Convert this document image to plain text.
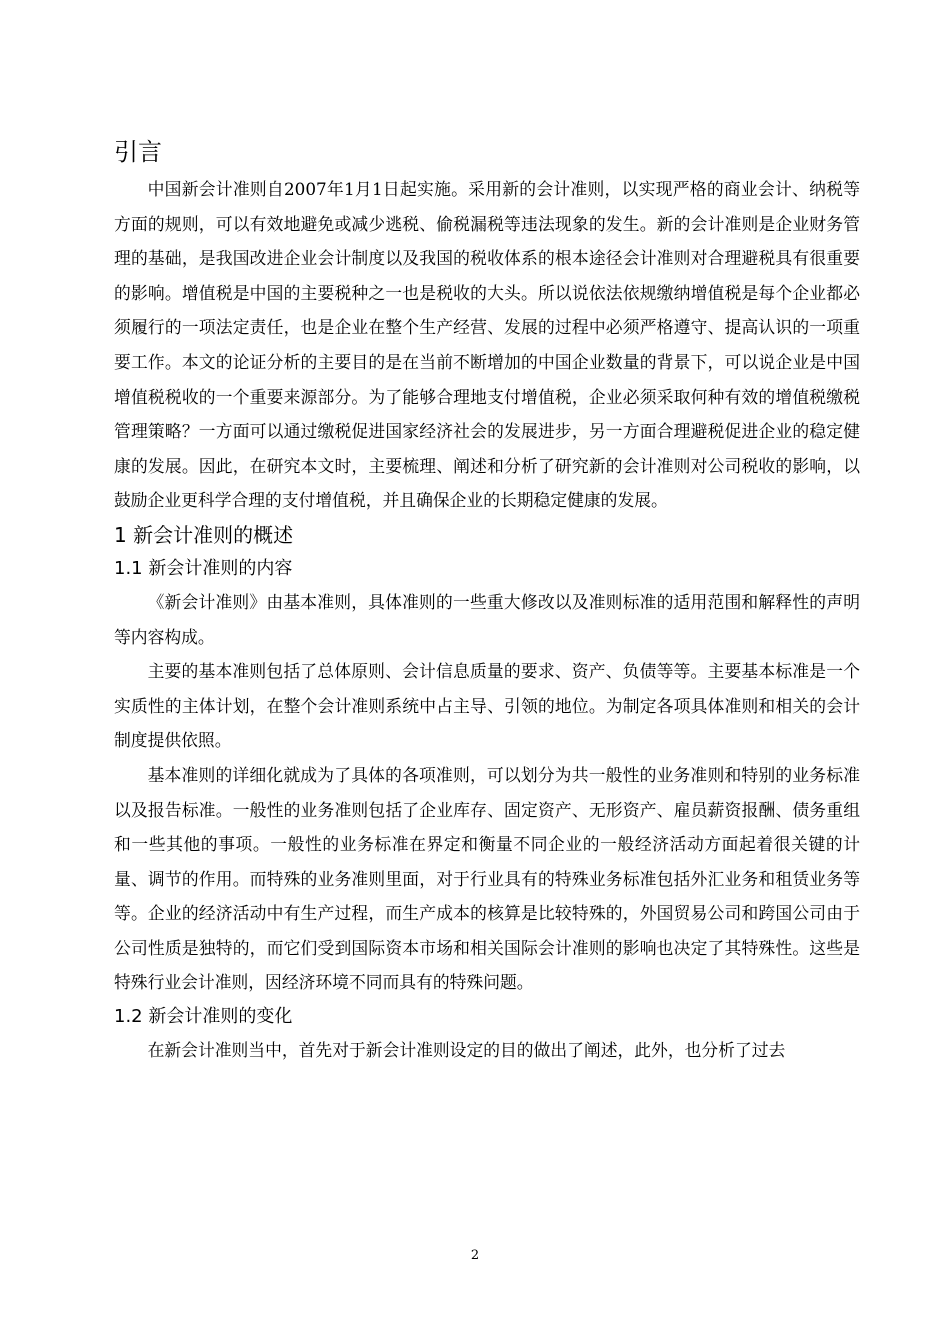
引言

中国新会计准则自2007年1月1日起实施。采用新的会计准则，以实现严格的商业会计、纳税等方面的规则，可以有效地避免或减少逃税、偷税漏税等违法现象的发生。新的会计准则是企业财务管理的基础，是我国改进企业会计制度以及我国的税收体系的根本途径会计准则对合理避税具有很重要的影响。增值税是中国的主要税种之一也是税收的大头。所以说依法依规缴纳增值税是每个企业都必须履行的一项法定责任，也是企业在整个生产经营、发展的过程中必须严格遵守、提高认识的一项重要工作。本文的论证分析的主要目的是在当前不断增加的中国企业数量的背景下，可以说企业是中国增值税税收的一个重要来源部分。为了能够合理地支付增值税，企业必须采取何种有效的增值税缴税管理策略？一方面可以通过缴税促进国家经济社会的发展进步，另一方面合理避税促进企业的稳定健康的发展。因此，在研究本文时，主要梳理、阐述和分析了研究新的会计准则对公司税收的影响，以鼓励企业更科学合理的支付增值税，并且确保企业的长期稳定健康的发展。

1 新会计准则的概述
1.1 新会计准则的内容

《新会计准则》由基本准则，具体准则的一些重大修改以及准则标准的适用范围和解释性的声明等内容构成。

主要的基本准则包括了总体原则、会计信息质量的要求、资产、负债等等。主要基本标准是一个实质性的主体计划，在整个会计准则系统中占主导、引领的地位。为制定各项具体准则和相关的会计制度提供依照。

基本准则的详细化就成为了具体的各项准则，可以划分为共一般性的业务准则和特别的业务标准以及报告标准。一般性的业务准则包括了企业库存、固定资产、无形资产、雇员薪资报酬、债务重组和一些其他的事项。一般性的业务标准在界定和衡量不同企业的一般经济活动方面起着很关键的计量、调节的作用。而特殊的业务准则里面，对于行业具有的特殊业务标准包括外汇业务和租赁业务等等。企业的经济活动中有生产过程，而生产成本的核算是比较特殊的，外国贸易公司和跨国公司由于公司性质是独特的，而它们受到国际资本市场和相关国际会计准则的影响也决定了其特殊性。这些是特殊行业会计准则，因经济环境不同而具有的特殊问题。

1.2 新会计准则的变化

在新会计准则当中，首先对于新会计准则设定的目的做出了阐述，此外，也分析了过去

2
